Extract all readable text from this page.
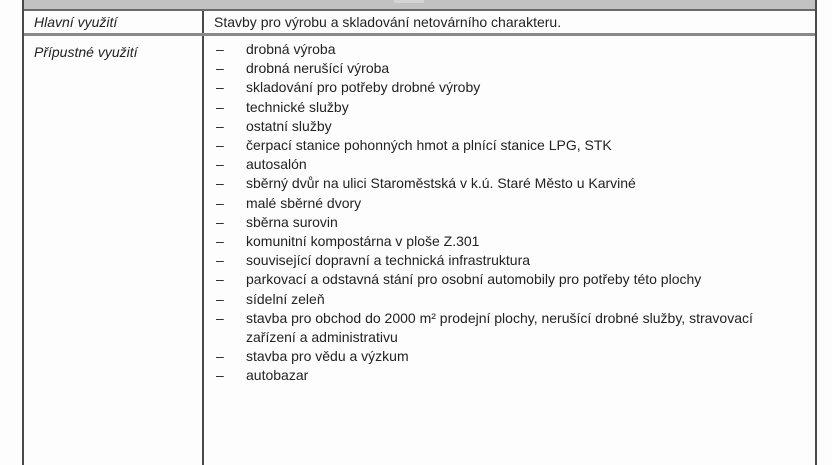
Hlavní využití	Stavby pro výrobu a skladování netovárního charakteru.
Přípustné využití	– drobná výroba
– drobná nerušící výroba
– skladování pro potřeby drobné výroby
– technické služby
– ostatní služby
– čerpací stanice pohonných hmot a plnící stanice LPG, STK
– autosalón
– sběrný dvůr na ulici Staroměstská v k.ú. Staré Město u Karviné
– malé sběrné dvory
– sběrna surovin
– komunitní kompostárna v ploše Z.301
– související dopravní a technická infrastruktura
– parkovací a odstavná stání pro osobní automobily pro potřeby této plochy
– sídelní zeleň
– stavba pro obchod do 2000 m² prodejní plochy, nerušící drobné služby, stravovací zařízení a administrativu
– stavba pro vědu a výzkum
– autobazar
